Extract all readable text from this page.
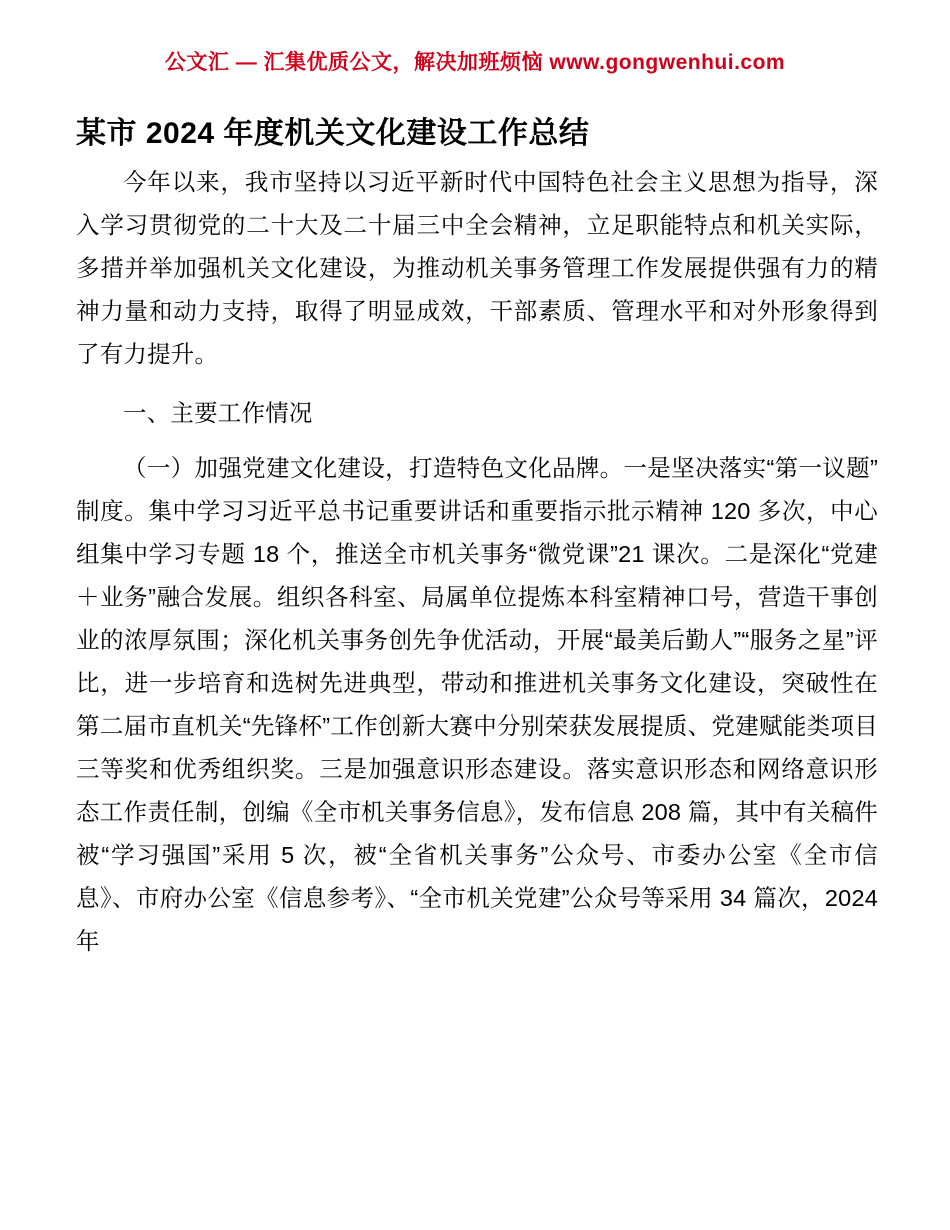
公文汇 — 汇集优质公文，解决加班烦恼 www.gongwenhui.com
某市 2024 年度机关文化建设工作总结

今年以来，我市坚持以习近平新时代中国特色社会主义思想为指导，深入学习贯彻党的二十大及二十届三中全会精神，立足职能特点和机关实际，多措并举加强机关文化建设，为推动机关事务管理工作发展提供强有力的精神力量和动力支持，取得了明显成效，干部素质、管理水平和对外形象得到了有力提升。

一、主要工作情况

（一）加强党建文化建设，打造特色文化品牌。一是坚决落实“第一议题”制度。集中学习习近平总书记重要讲话和重要指示批示精神 120 多次，中心组集中学习专题 18 个，推送全市机关事务“微党课”21 课次。二是深化“党建＋业务”融合发展。组织各科室、局属单位提炼本科室精神口号，营造干事创业的浓厚氛围；深化机关事务创先争优活动，开展“最美后勤人”“服务之星”评比，进一步培育和选树先进典型，带动和推进机关事务文化建设，突破性在第二届市直机关“先锋杯”工作创新大赛中分别荣获发展提质、党建赋能类项目三等奖和优秀组织奖。三是加强意识形态建设。落实意识形态和网络意识形态工作责任制，创编《全市机关事务信息》，发布信息 208 篇，其中有关稿件被“学习强国”采用 5 次，被“全省机关事务”公众号、市委办公室《全市信息》、市府办公室《信息参考》、“全市机关党建”公众号等采用 34 篇次，2024 年
